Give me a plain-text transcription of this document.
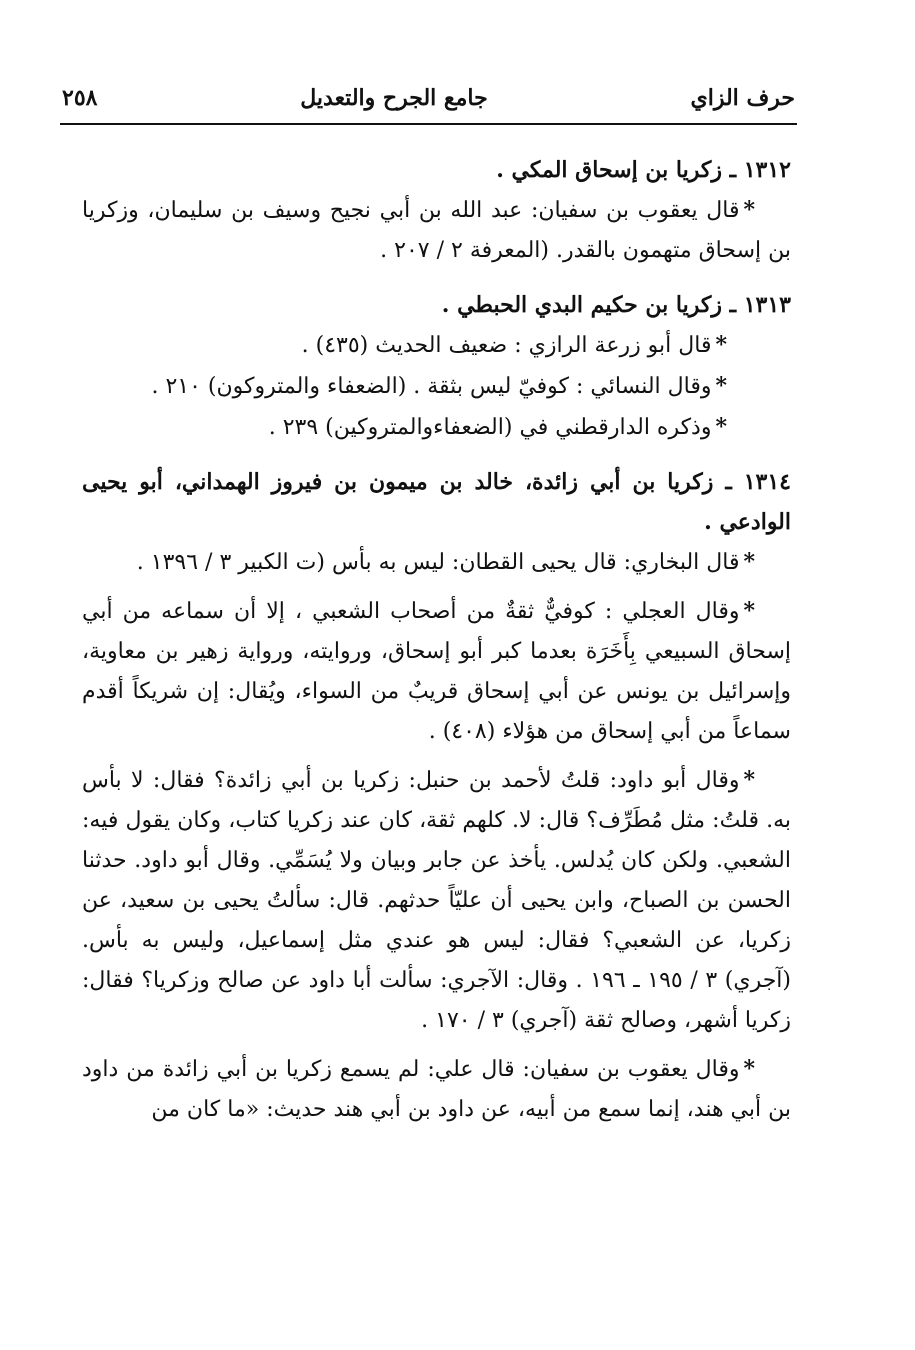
حرف الزاي
جامع الجرح والتعديل
٢٥٨

١٣١٢ ـ زكريا بن إسحاق المكي .

*قال يعقوب بن سفيان: عبد الله بن أبي نجيح وسيف بن سليمان، وزكريا بن إسحاق متهمون بالقدر. (المعرفة ٢ / ٢٠٧ .

١٣١٣ ـ زكريا بن حكيم البدي الحبطي .

*قال أبو زرعة الرازي : ضعيف الحديث (٤٣٥) .

*وقال النسائي : كوفيّ ليس بثقة . (الضعفاء والمتروكون) ٢١٠ .

*وذكره الدارقطني في (الضعفاءوالمتروكين) ٢٣٩ .

١٣١٤ ـ زكريا بن أبي زائدة، خالد بن ميمون بن فيروز الهمداني، أبو يحيى الوادعي .

*قال البخاري: قال يحيى القطان: ليس به بأس (ت الكبير ٣ / ١٣٩٦ .

*وقال العجلي : كوفيٌّ ثقةٌ من أصحاب الشعبي ، إلا أن سماعه من أبي إسحاق السبيعي بِأَخَرَة بعدما كبر أبو إسحاق، وروايته، ورواية زهير بن معاوية، وإسرائيل بن يونس عن أبي إسحاق قريبٌ من السواء، ويُقال: إن شريكاً أقدم سماعاً من أبي إسحاق من هؤلاء (٤٠٨) .

*وقال أبو داود: قلتُ لأحمد بن حنبل: زكريا بن أبي زائدة؟ فقال: لا بأس به. قلتُ: مثل مُطَرِّف؟ قال: لا. كلهم ثقة، كان عند زكريا كتاب، وكان يقول فيه: الشعبي. ولكن كان يُدلس. يأخذ عن جابر وبيان ولا يُسَمِّي. وقال أبو داود. حدثنا الحسن بن الصباح، وابن يحيى أن عليّاً حدثهم. قال: سألتُ يحيى بن سعيد، عن زكريا، عن الشعبي؟ فقال: ليس هو عندي مثل إسماعيل، وليس به بأس. (آجري) ٣ / ١٩٥ ـ ١٩٦ . وقال: الآجري: سألت أبا داود عن صالح وزكريا؟ فقال: زكريا أشهر، وصالح ثقة (آجري) ٣ / ١٧٠ .

*وقال يعقوب بن سفيان: قال علي: لم يسمع زكريا بن أبي زائدة من داود بن أبي هند، إنما سمع من أبيه، عن داود بن أبي هند حديث: «ما كان من
